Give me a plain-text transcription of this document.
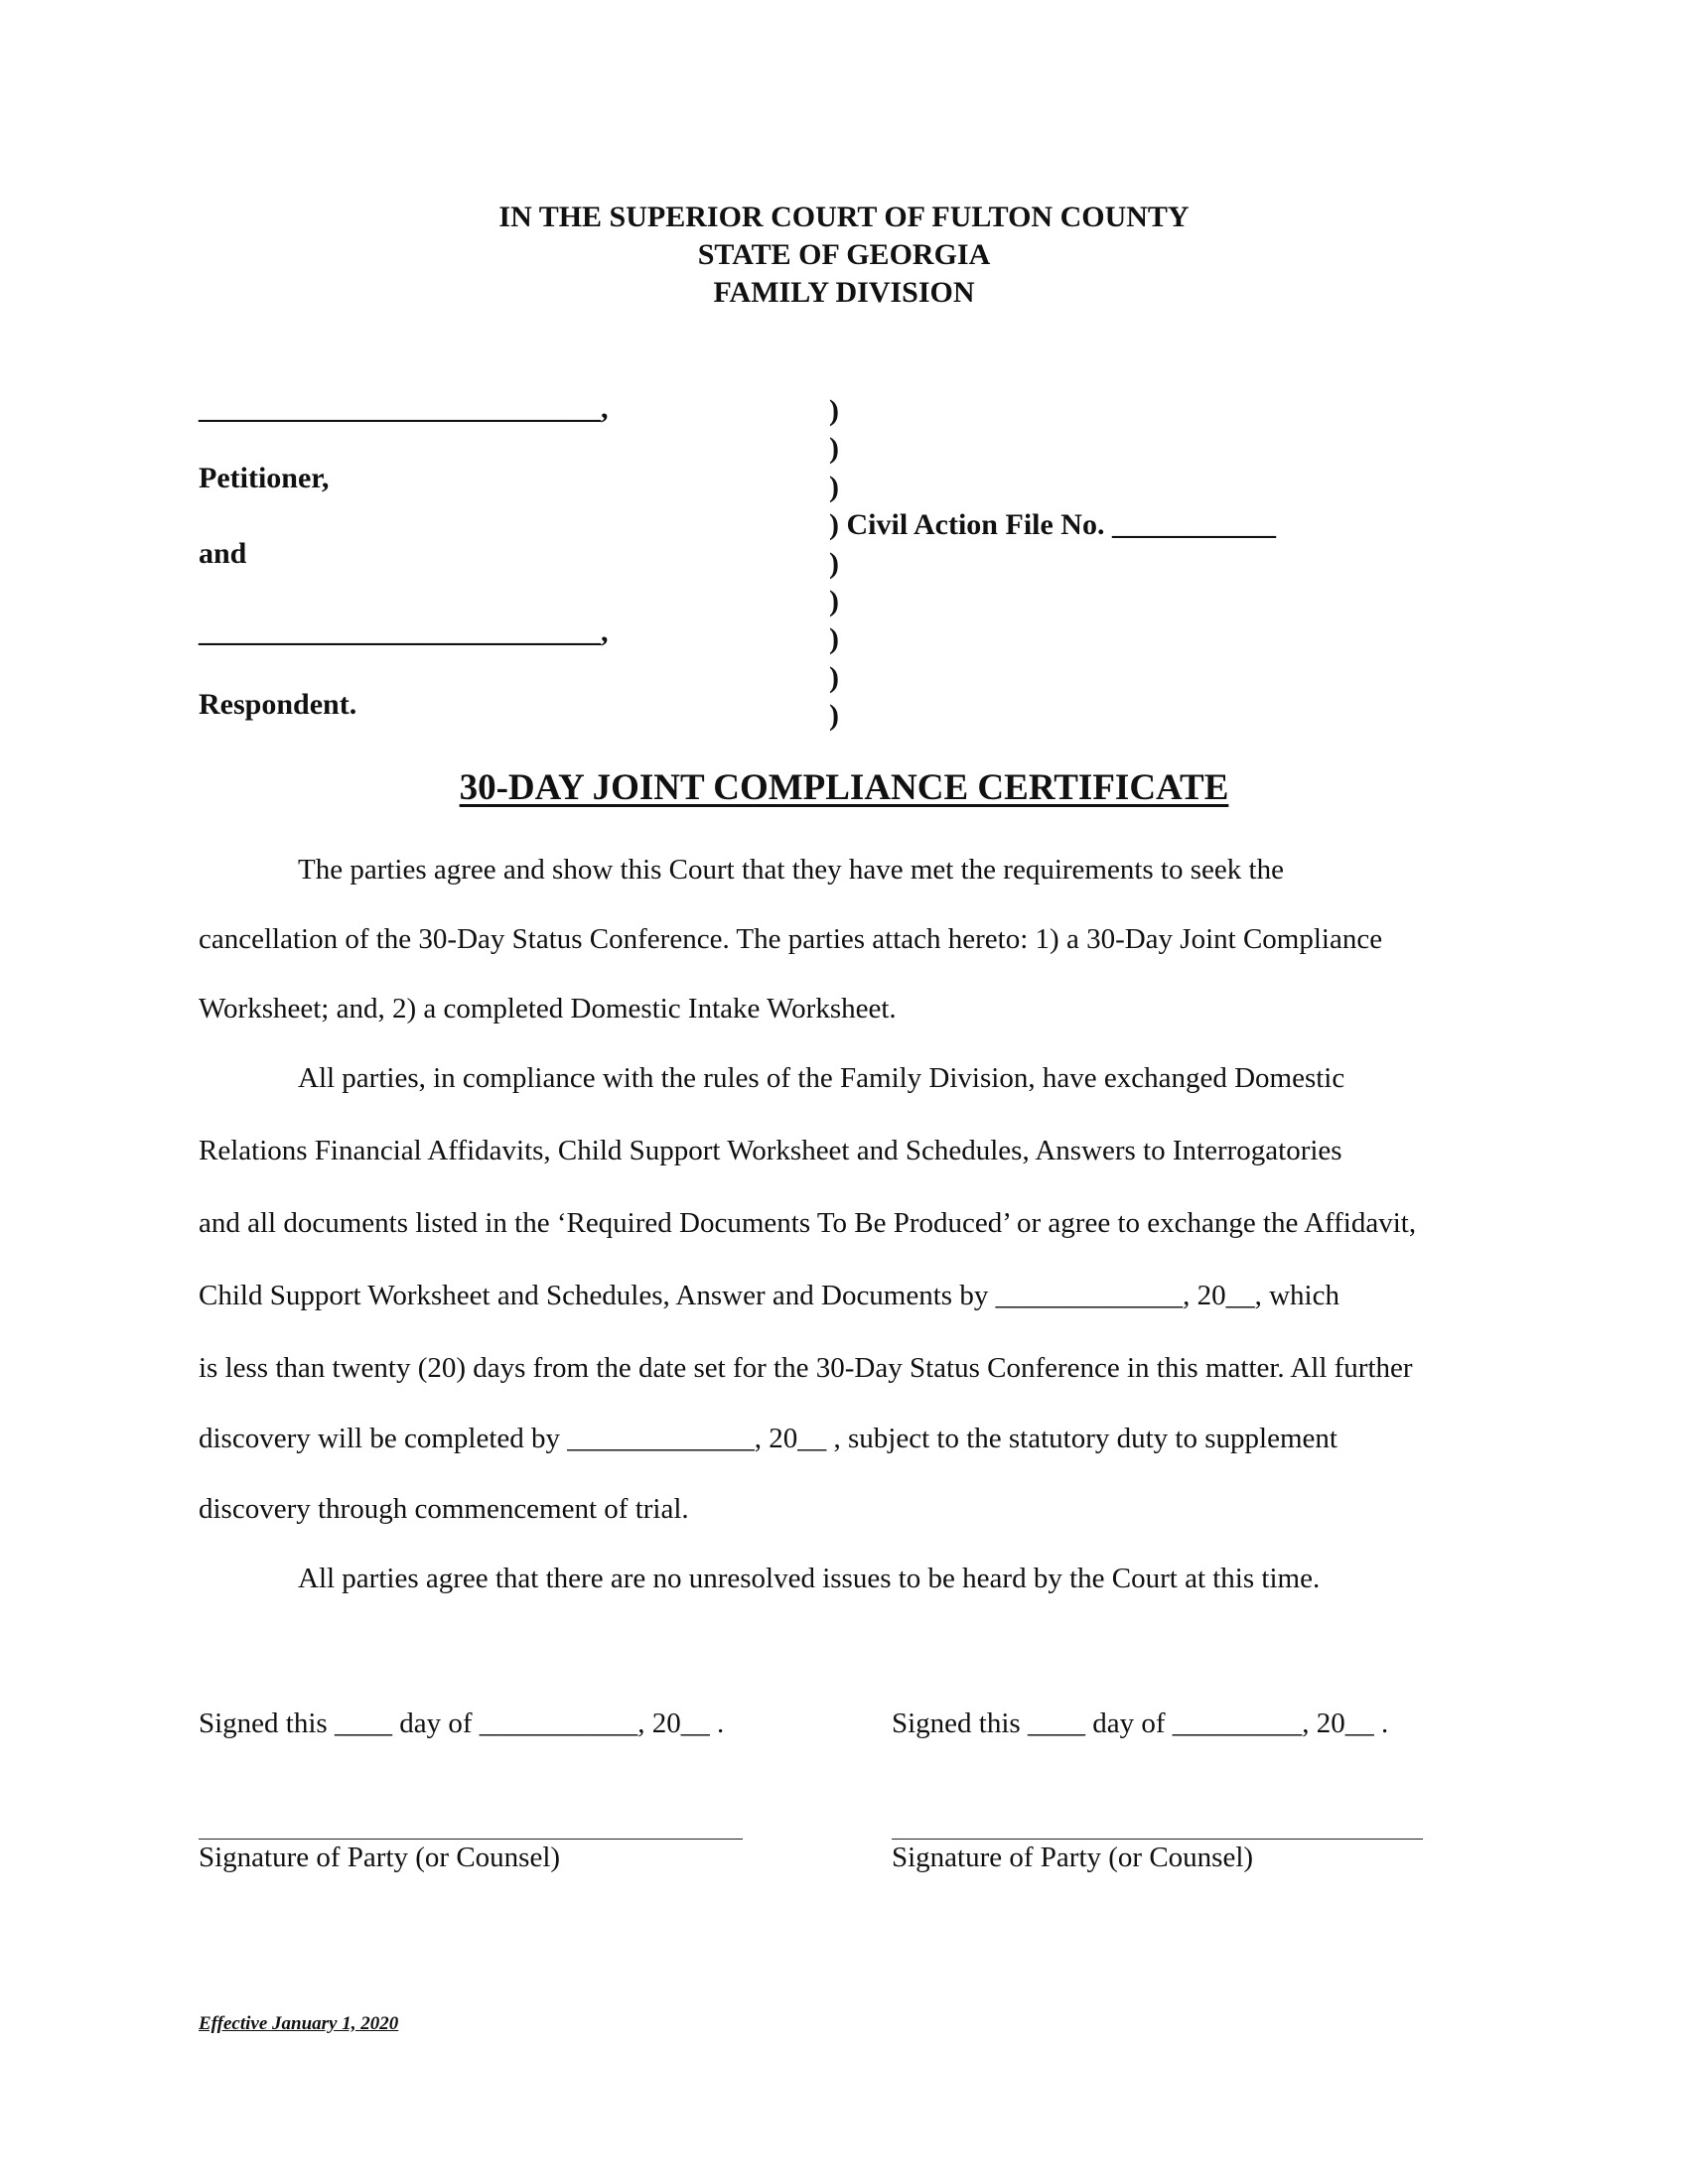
IN THE SUPERIOR COURT OF FULTON COUNTY
STATE OF GEORGIA
FAMILY DIVISION
___________________________,
Petitioner,
and
___________________________,
Respondent.
)
)
)
)
)
)
)
)
) Civil Action File No. ___________
30-DAY JOINT COMPLIANCE CERTIFICATE
The parties agree and show this Court that they have met the requirements to seek the
cancellation of the 30-Day Status Conference. The parties attach hereto: 1) a 30-Day Joint Compliance
Worksheet; and, 2) a completed Domestic Intake Worksheet.
All parties, in compliance with the rules of the Family Division, have exchanged Domestic
Relations Financial Affidavits, Child Support Worksheet and Schedules, Answers to Interrogatories
and all documents listed in the ‘Required Documents To Be Produced’ or agree to exchange the Affidavit,
Child Support Worksheet and Schedules, Answer and Documents by _____________, 20__, which
is less than twenty (20) days from the date set for the 30-Day Status Conference in this matter. All further
discovery will be completed by _____________, 20__ , subject to the statutory duty to supplement
discovery through commencement of trial.
All parties agree that there are no unresolved issues to be heard by the Court at this time.
Signed this ____ day of ___________, 20__ .	Signed this ____ day of _________, 20__ .
Signature of Party (or Counsel)	Signature of Party (or Counsel)
Effective January 1, 2020
